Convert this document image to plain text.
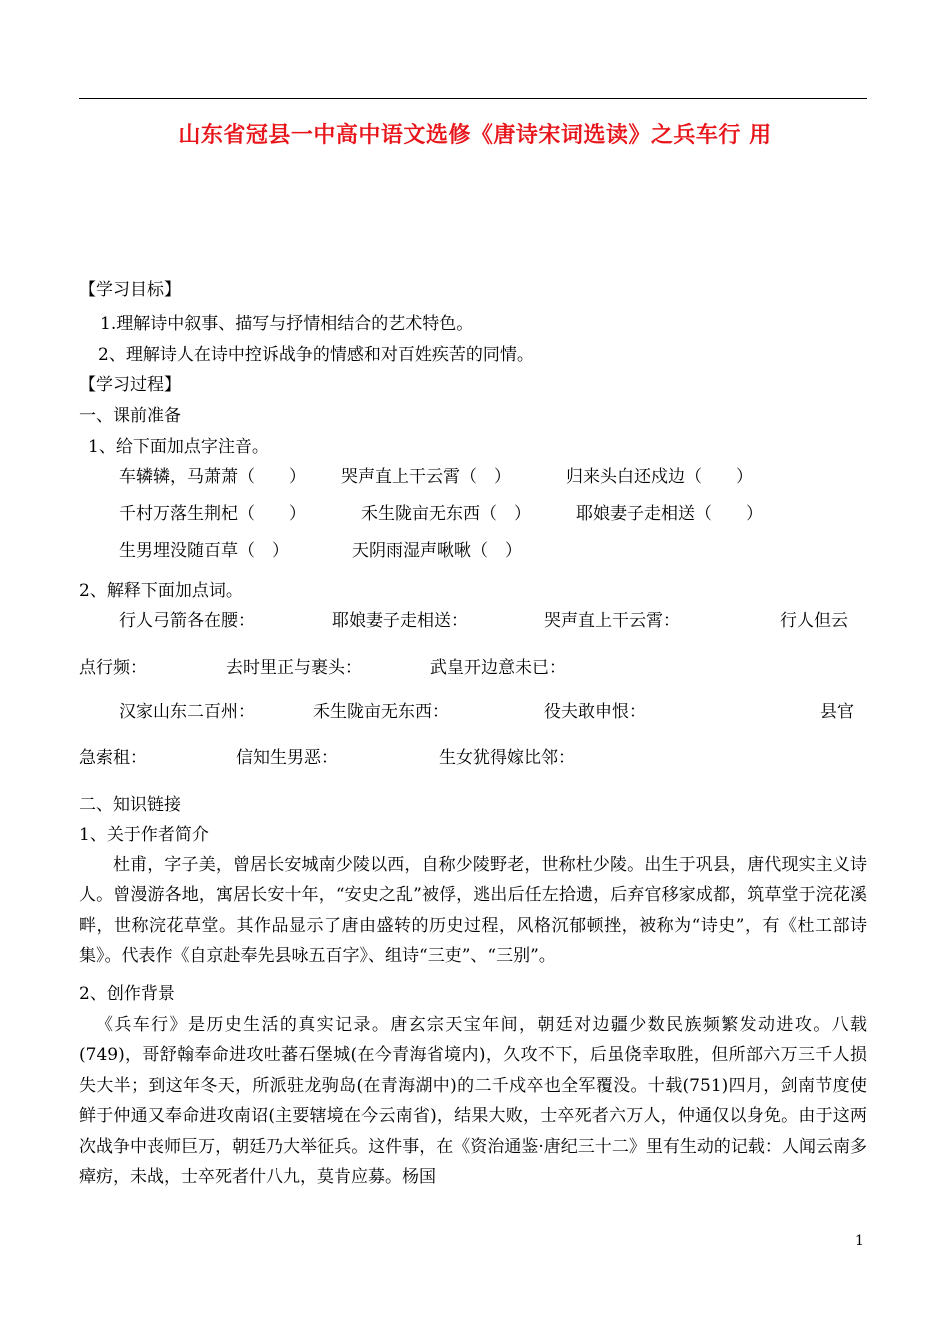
山东省冠县一中高中语文选修《唐诗宋词选读》之兵车行 用
【学习目标】
1.理解诗中叙事、描写与抒情相结合的艺术特色。
2、理解诗人在诗中控诉战争的情感和对百姓疾苦的同情。
【学习过程】
一、课前准备
1、给下面加点字注音。
车辚辚，马萧萧（　　） 哭声直上干云霄（　）	归来头白还戍边（　　）
千村万落生荆杞（　　）	禾生陇亩无东西（　）	耶娘妻子走相送（　　）
生男埋没随百草（　）	天阴雨湿声啾啾（　）
2、解释下面加点词。
行人弓箭各在腰：	耶娘妻子走相送：	哭声直上干云霄：	行人但云
点行频：	去时里正与裹头：	武皇开边意未已：
汉家山东二百州：	禾生陇亩无东西：	役夫敢申恨：	县官
急索租：	信知生男恶：	生女犹得嫁比邻：
二、知识链接
1、关于作者简介

杜甫，字子美，曾居长安城南少陵以西，自称少陵野老，世称杜少陵。出生于巩县，唐代现实主义诗人。曾漫游各地，寓居长安十年，“安史之乱”被俘，逃出后任左拾遗，后弃官移家成都，筑草堂于浣花溪畔，世称浣花草堂。其作品显示了唐由盛转的历史过程，风格沉郁顿挫，被称为“诗史”，有《杜工部诗集》。代表作《自京赴奉先县咏五百字》、组诗“三吏”、“三别”。

2、创作背景

《兵车行》是历史生活的真实记录。唐玄宗天宝年间，朝廷对边疆少数民族频繁发动进攻。八载(749)，哥舒翰奉命进攻吐蕃石堡城(在今青海省境内)，久攻不下，后虽侥幸取胜，但所部六万三千人损失大半；到这年冬天，所派驻龙驹岛(在青海湖中)的二千戍卒也全军覆没。十载(751)四月，剑南节度使鲜于仲通又奉命进攻南诏(主要辖境在今云南省)，结果大败，士卒死者六万人，仲通仅以身免。由于这两次战争中丧师巨万，朝廷乃大举征兵。这件事，在《资治通鉴·唐纪三十二》里有生动的记载：人闻云南多瘴疠，未战，士卒死者什八九，莫肯应募。杨国

1
